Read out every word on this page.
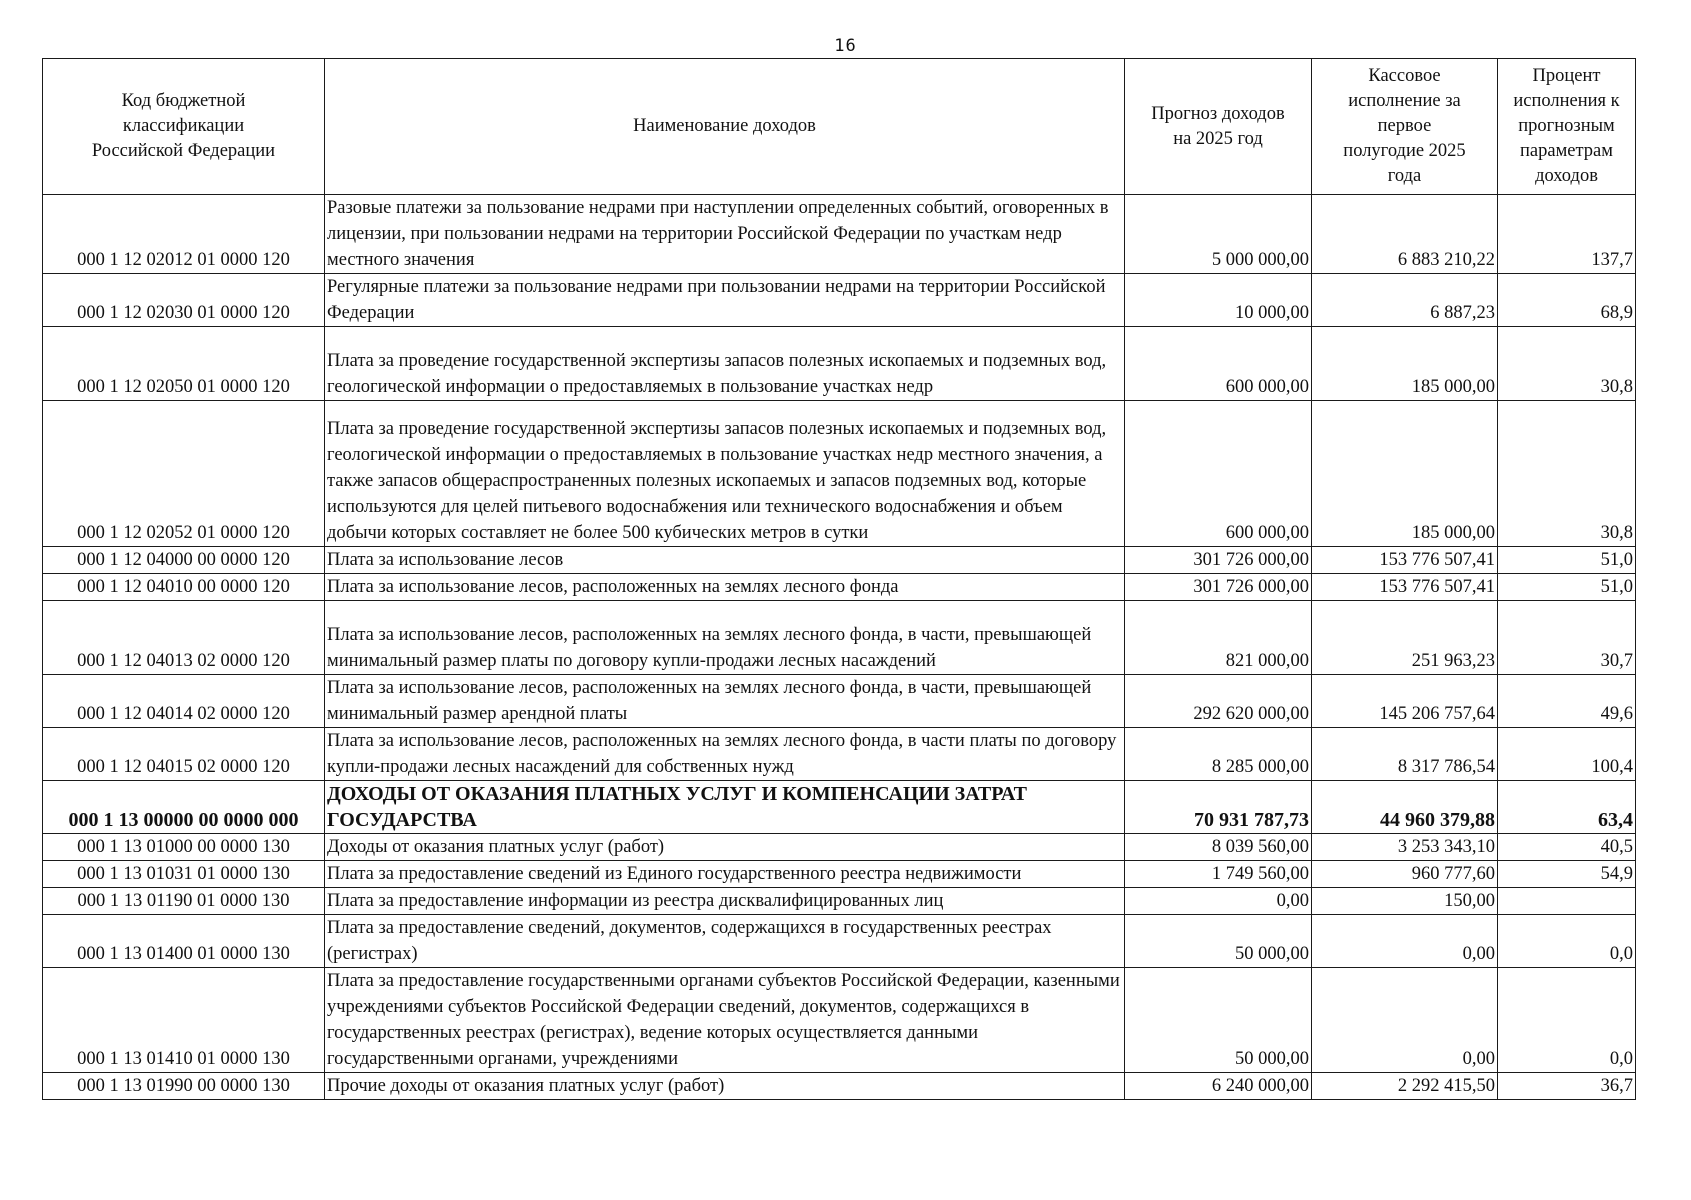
16
Код бюджетной классификации Российской Федерации	Наименование доходов	Прогноз доходов на 2025 год	Кассовое исполнение за первое полугодие 2025 года	Процент исполнения к прогнозным параметрам доходов
000 1 12 02012 01 0000 120	Разовые платежи за пользование недрами при наступлении определенных событий, оговоренных в лицензии, при пользовании недрами на территории Российской Федерации по участкам недр местного значения	5 000 000,00	6 883 210,22	137,7
000 1 12 02030 01 0000 120	Регулярные платежи за пользование недрами при пользовании недрами на территории Российской Федерации	10 000,00	6 887,23	68,9
000 1 12 02050 01 0000 120	Плата за проведение государственной экспертизы запасов полезных ископаемых и подземных вод, геологической информации о предоставляемых в пользование участках недр	600 000,00	185 000,00	30,8
000 1 12 02052 01 0000 120	Плата за проведение государственной экспертизы запасов полезных ископаемых и подземных вод, геологической информации о предоставляемых в пользование участках недр местного значения, а также запасов общераспространенных полезных ископаемых и запасов подземных вод, которые используются для целей питьевого водоснабжения или технического водоснабжения и объем добычи которых составляет не более 500 кубических метров в сутки	600 000,00	185 000,00	30,8
000 1 12 04000 00 0000 120	Плата за использование лесов	301 726 000,00	153 776 507,41	51,0
000 1 12 04010 00 0000 120	Плата за использование лесов, расположенных на землях лесного фонда	301 726 000,00	153 776 507,41	51,0
000 1 12 04013 02 0000 120	Плата за использование лесов, расположенных на землях лесного фонда, в части, превышающей минимальный размер платы по договору купли-продажи лесных насаждений	821 000,00	251 963,23	30,7
000 1 12 04014 02 0000 120	Плата за использование лесов, расположенных на землях лесного фонда, в части, превышающей минимальный размер арендной платы	292 620 000,00	145 206 757,64	49,6
000 1 12 04015 02 0000 120	Плата за использование лесов, расположенных на землях лесного фонда, в части платы по договору купли-продажи лесных насаждений для собственных нужд	8 285 000,00	8 317 786,54	100,4
000 1 13 00000 00 0000 000	ДОХОДЫ ОТ ОКАЗАНИЯ ПЛАТНЫХ УСЛУГ И КОМПЕНСАЦИИ ЗАТРАТ ГОСУДАРСТВА	70 931 787,73	44 960 379,88	63,4
000 1 13 01000 00 0000 130	Доходы от оказания платных услуг (работ)	8 039 560,00	3 253 343,10	40,5
000 1 13 01031 01 0000 130	Плата за предоставление сведений из Единого государственного реестра недвижимости	1 749 560,00	960 777,60	54,9
000 1 13 01190 01 0000 130	Плата за предоставление информации из реестра дисквалифицированных лиц	0,00	150,00	
000 1 13 01400 01 0000 130	Плата за предоставление сведений, документов, содержащихся в государственных реестрах (регистрах)	50 000,00	0,00	0,0
000 1 13 01410 01 0000 130	Плата за предоставление государственными органами субъектов Российской Федерации, казенными учреждениями субъектов Российской Федерации сведений, документов, содержащихся в государственных реестрах (регистрах), ведение которых осуществляется данными государственными органами, учреждениями	50 000,00	0,00	0,0
000 1 13 01990 00 0000 130	Прочие доходы от оказания платных услуг (работ)	6 240 000,00	2 292 415,50	36,7
